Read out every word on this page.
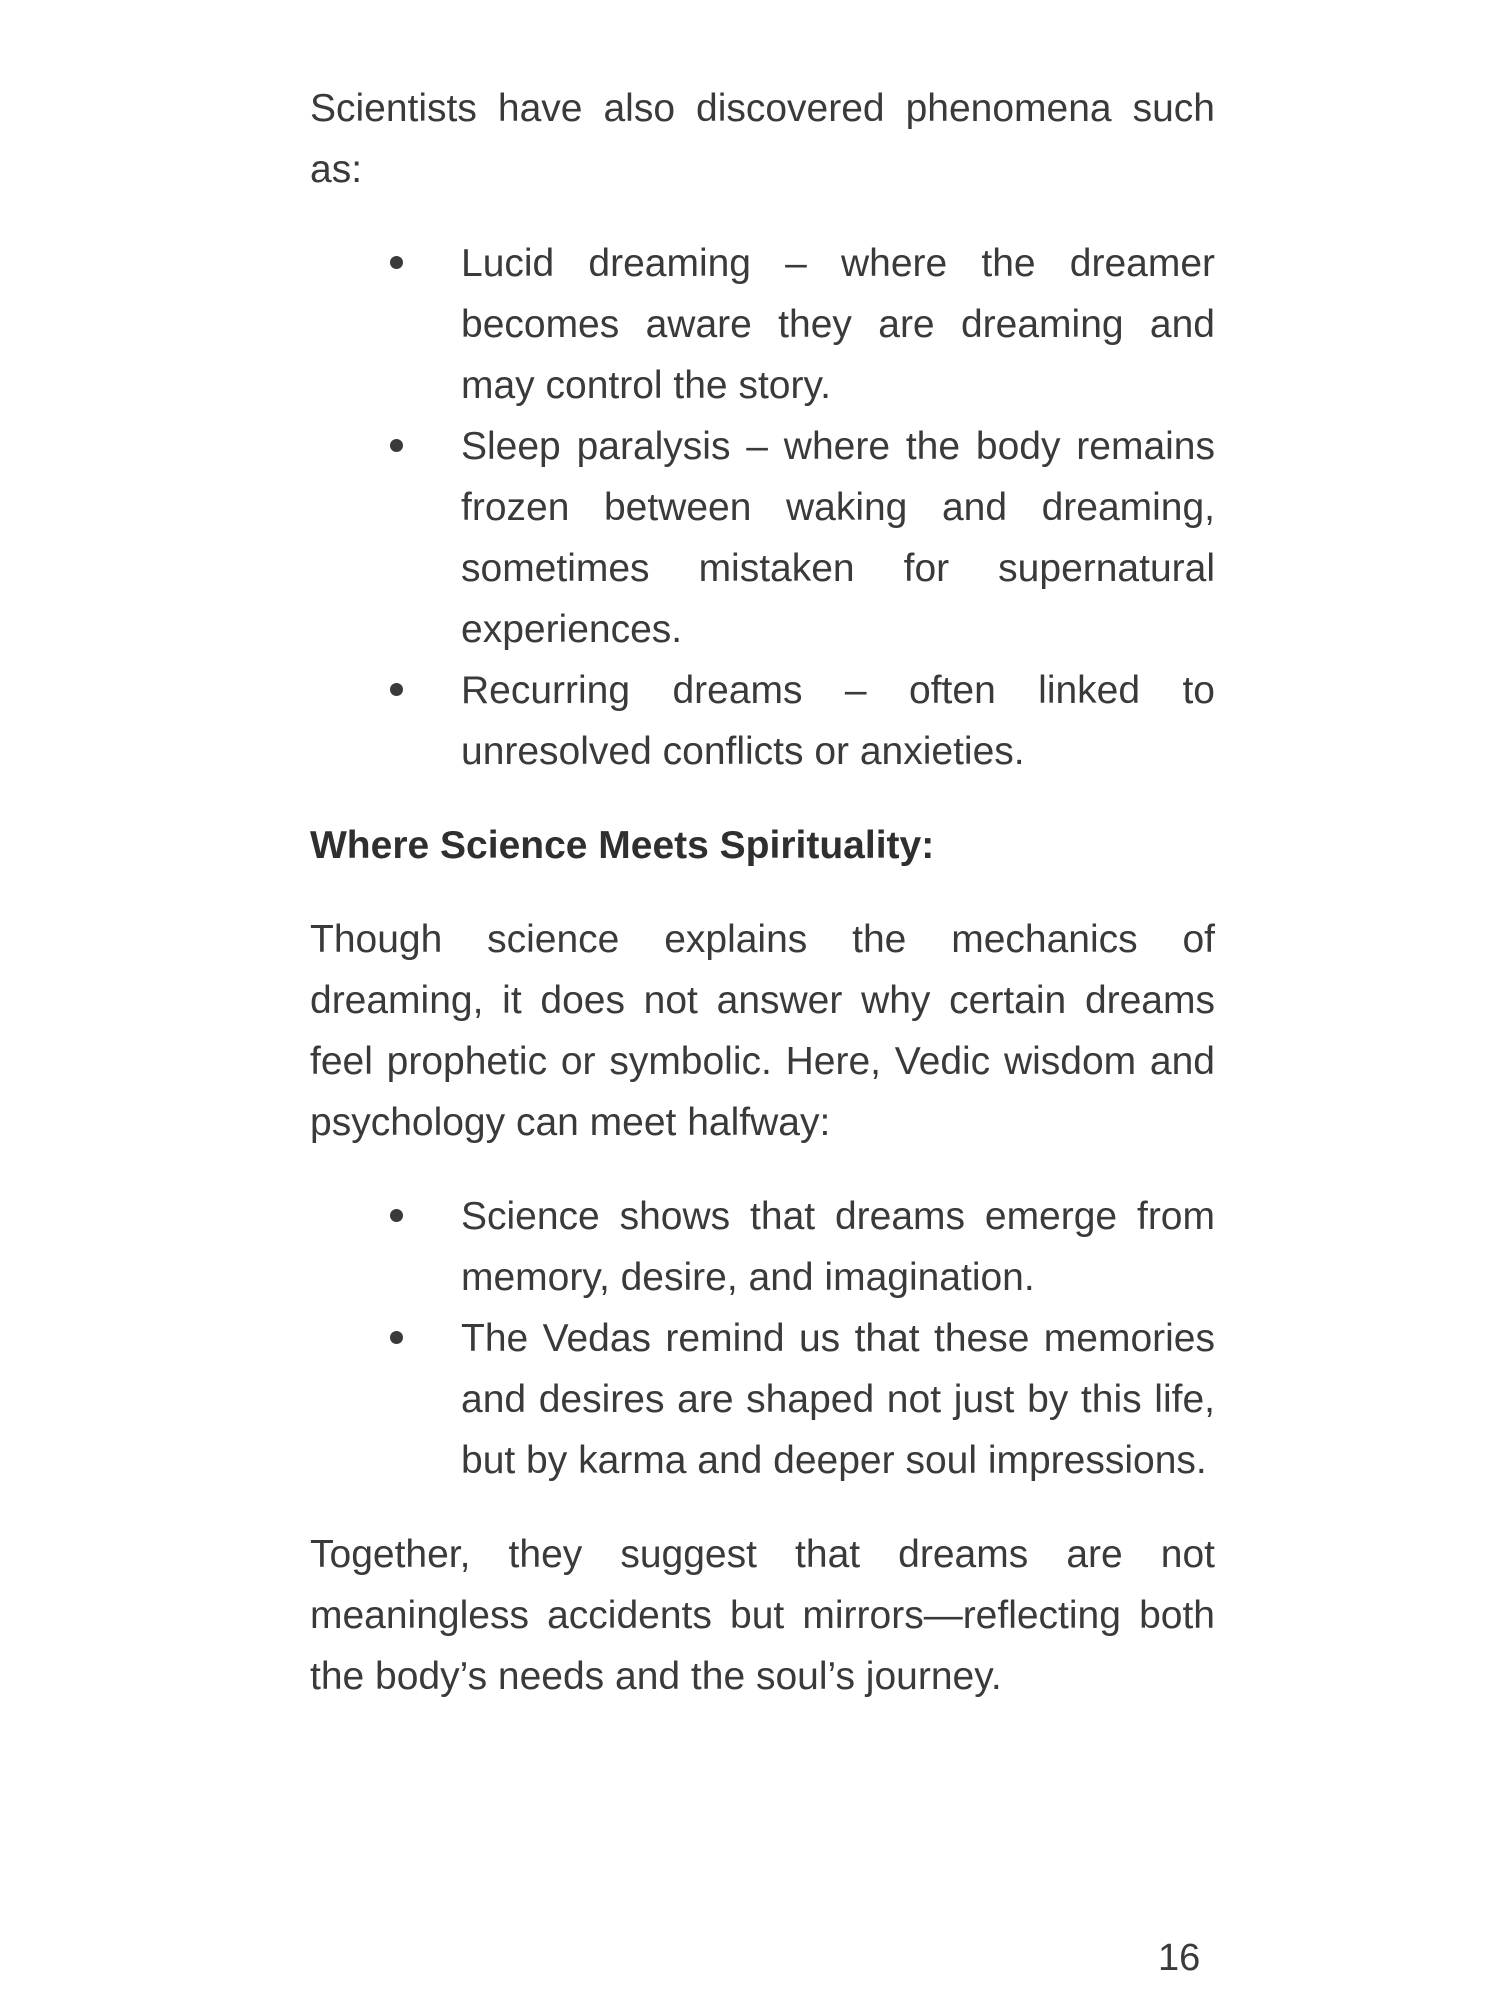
Scientists have also discovered phenomena such as:

Lucid dreaming – where the dreamer becomes aware they are dreaming and may control the story.
Sleep paralysis – where the body remains frozen between waking and dreaming, sometimes mistaken for supernatural experiences.
Recurring dreams – often linked to unresolved conflicts or anxieties.

Where Science Meets Spirituality:

Though science explains the mechanics of dreaming, it does not answer why certain dreams feel prophetic or symbolic. Here, Vedic wisdom and psychology can meet halfway:

Science shows that dreams emerge from memory, desire, and imagination.
The Vedas remind us that these memories and desires are shaped not just by this life, but by karma and deeper soul impressions.

Together, they suggest that dreams are not meaningless accidents but mirrors—reflecting both the body’s needs and the soul’s journey.

16
